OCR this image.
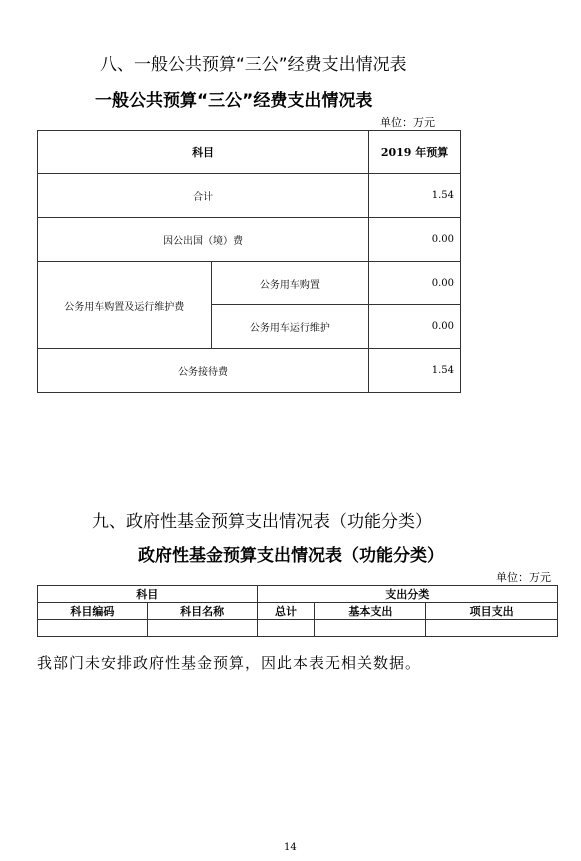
八、一般公共预算“三公”经费支出情况表
一般公共预算“三公”经费支出情况表
单位：万元
科目		2019 年预算
合计		1.54
因公出国（境）费		0.00
公务用车购置及运行维护费	公务用车购置	0.00
	公务用车运行维护	0.00
公务接待费		1.54
九、政府性基金预算支出情况表（功能分类）
政府性基金预算支出情况表（功能分类）
单位：万元
科目		支出分类		
科目编码	科目名称	总计	基本支出	项目支出

我部门未安排政府性基金预算，因此本表无相关数据。
14
